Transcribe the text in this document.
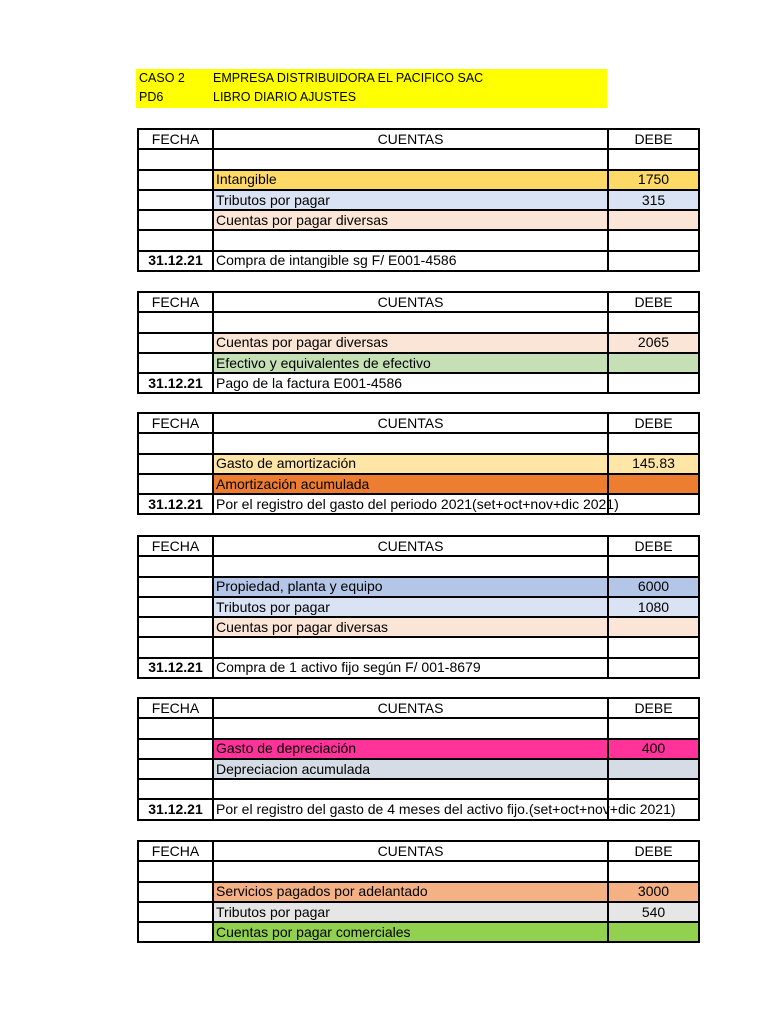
CASO 2 EMPRESA DISTRIBUIDORA EL PACIFICO SAC
PD6	LIBRO DIARIO AJUSTES
FECHA	CUENTAS	DEBE

	Intangible	1750
	Tributos por pagar	315
	Cuentas por pagar diversas	

31.12.21	Compra de intangible sg F/ E001-4586	
FECHA	CUENTAS	DEBE

	Cuentas por pagar diversas	2065
	Efectivo y equivalentes de efectivo	
31.12.21	Pago de la factura E001-4586	
FECHA	CUENTAS	DEBE

	Gasto de amortización	145.83
	Amortización acumulada	
31.12.21	Por el registro del gasto del periodo 2021(set+oct+nov+dic 2021)	
FECHA	CUENTAS	DEBE

	Propiedad, planta y equipo	6000
	Tributos por pagar	1080
	Cuentas por pagar diversas	

31.12.21	Compra de 1 activo fijo según F/ 001-8679	
FECHA	CUENTAS	DEBE

	Gasto de depreciación	400
	Depreciacion acumulada	

31.12.21	Por el registro del gasto de 4 meses del activo fijo.(set+oct+nov+dic 2021)	
FECHA	CUENTAS	DEBE

	Servicios pagados por adelantado	3000
	Tributos por pagar	540
	Cuentas por pagar comerciales	
